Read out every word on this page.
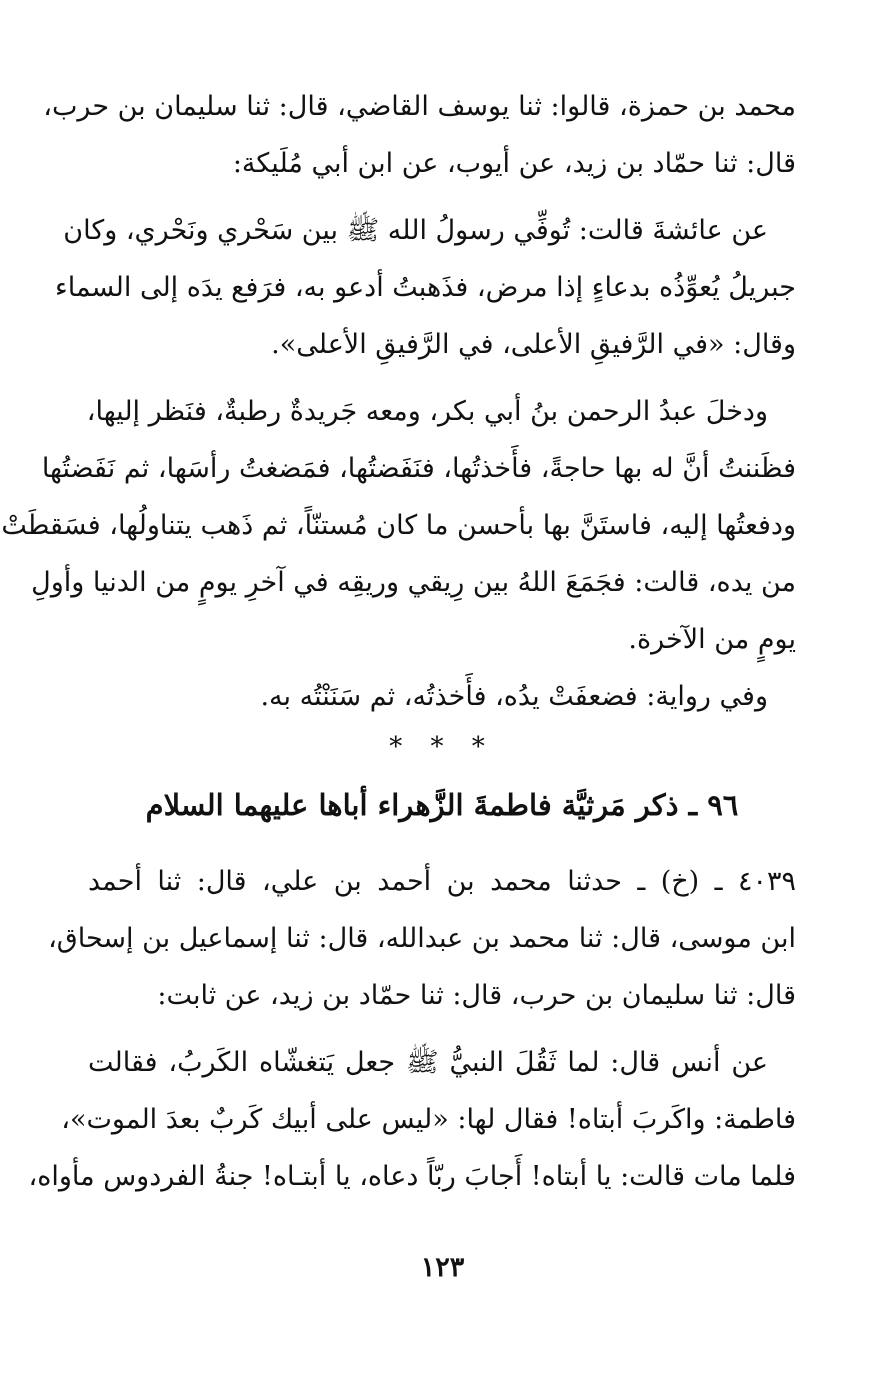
محمد بن حمزة، قالوا: ثنا يوسف القاضي، قال: ثنا سليمان بن حرب،
قال: ثنا حمّاد بن زيد، عن أيوب، عن ابن أبي مُلَيكة:
عن عائشةَ قالت: تُوفِّي رسولُ الله ﷺ بين سَحْري ونَحْري، وكان
جبريلُ يُعوِّذُه بدعاءٍ إذا مرض، فذَهبتُ أدعو به، فرَفع يدَه إلى السماء
وقال: «في الرَّفيقِ الأعلى، في الرَّفيقِ الأعلى».
ودخلَ عبدُ الرحمن بنُ أبي بكر، ومعه جَريدةٌ رطبةٌ، فنَظر إليها،
فظَننتُ أنَّ له بها حاجةً، فأَخذتُها، فنَفَضتُها، فمَضغتُ رأسَها، ثم نَفَضتُها
ودفعتُها إليه، فاستَنَّ بها بأحسن ما كان مُستنّاً، ثم ذَهب يتناولُها، فسَقطَتْ
من يده، قالت: فجَمَعَ اللهُ بين رِيقي وريقِه في آخرِ يومٍ من الدنيا وأولِ
يومٍ من الآخرة.
وفي رواية: فضعفَتْ يدُه، فأَخذتُه، ثم سَنَنْتُه به.
* * *
٩٦ ـ ذكر مَرثيَّة فاطمةَ الزَّهراء أباها عليهما السلام
٤٠٣٩ ـ (خ) ـ حدثنا محمد بن أحمد بن علي، قال: ثنا أحمد
ابن موسى، قال: ثنا محمد بن عبدالله، قال: ثنا إسماعيل بن إسحاق،
قال: ثنا سليمان بن حرب، قال: ثنا حمّاد بن زيد، عن ثابت:
عن أنس قال: لما ثَقُلَ النبيُّ ﷺ جعل يَتغشّاه الكَربُ، فقالت
فاطمة: واكَربَ أبتاه! فقال لها: «ليس على أبيك كَربٌ بعدَ الموت»،
فلما مات قالت: يا أبتاه! أَجابَ ربّاً دعاه، يا أبتـاه! جنةُ الفردوس مأواه،
١٢٣
